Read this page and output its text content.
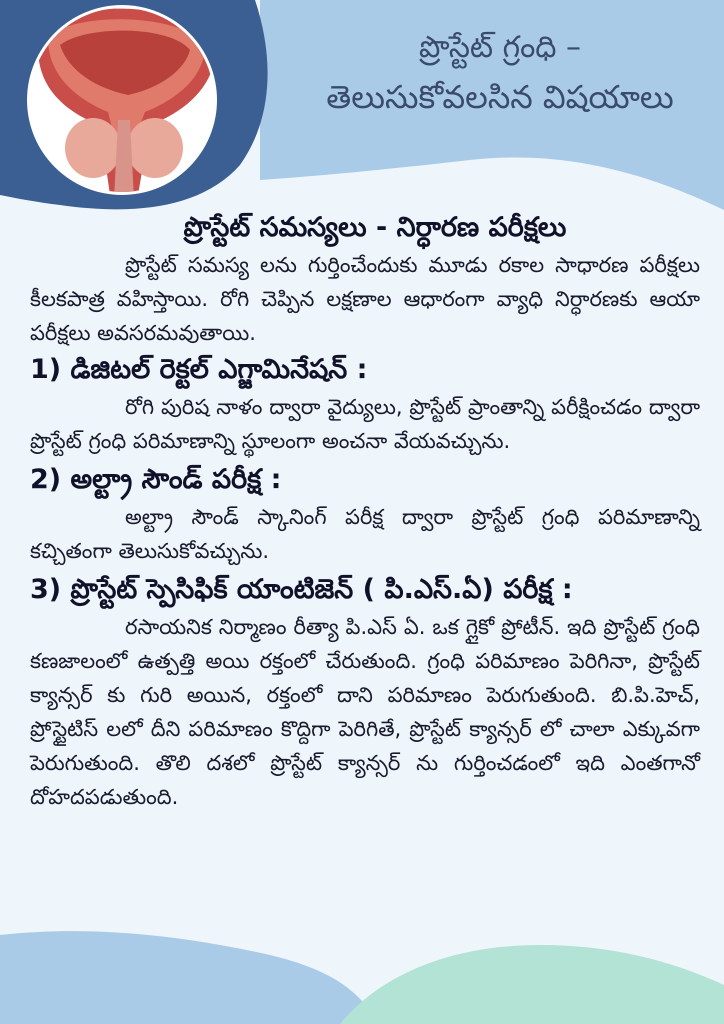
ప్రొస్టేట్ గ్రంధి –
తెలుసుకోవలసిన విషయాలు
ప్రొస్టేట్ సమస్యలు - నిర్ధారణ పరీక్షలు

ప్రొస్టేట్ సమస్య లను గుర్తించేందుకు మూడు రకాల సాధారణ పరీక్షలు కీలకపాత్ర వహిస్తాయి. రోగి చెప్పిన లక్షణాల ఆధారంగా వ్యాధి నిర్ధారణకు ఆయా పరీక్షలు అవసరమవుతాయి.

1) డిజిటల్ రెక్టల్ ఎగ్జామినేషన్ :

రోగి పురిష నాళం ద్వారా వైద్యులు, ప్రొస్టేట్ ప్రాంతాన్ని పరీక్షించడం ద్వారా ప్రొస్టేట్ గ్రంధి పరిమాణాన్ని స్థూలంగా అంచనా వేయవచ్చును.

2) అల్ట్రా సౌండ్ పరీక్ష :

అల్ట్రా సౌండ్ స్కానింగ్ పరీక్ష ద్వారా ప్రొస్టేట్ గ్రంధి పరిమాణాన్ని కచ్చితంగా తెలుసుకోవచ్చును.

3) ప్రొస్టేట్ స్పెసిఫిక్ యాంటిజెన్ ( పి.ఎస్.ఏ) పరీక్ష :

రసాయనిక నిర్మాణం రీత్యా పి.ఎస్ ఏ. ఒక గ్లైకో ప్రోటీన్. ఇది ప్రొస్టేట్ గ్రంధి కణజాలంలో ఉత్పత్తి అయి రక్తంలో చేరుతుంది. గ్రంధి పరిమాణం పెరిగినా, ప్రొస్టేట్ క్యాన్సర్ కు గురి అయిన, రక్తంలో దాని పరిమాణం పెరుగుతుంది. బి.పి.హెచ్, ప్రోస్టైటిస్ లలో దీని పరిమాణం కొద్దిగా పెరిగితే, ప్రొస్టేట్ క్యాన్సర్ లో చాలా ఎక్కువగా పెరుగుతుంది. తొలి దశలో ప్రొస్టేట్ క్యాన్సర్ ను గుర్తించడంలో ఇది ఎంతగానో దోహదపడుతుంది.
